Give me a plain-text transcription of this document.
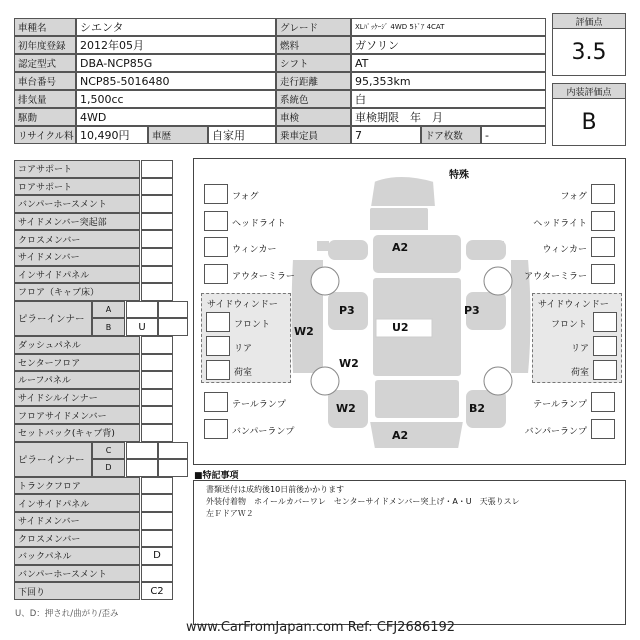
車種名	シエンタ	グレード	XLﾊﾟｯｹｰｼﾞ 4WD 5ﾄﾞｱ 4CAT
初年度登録	2012年05月	燃料	ガソリン
認定型式	DBA-NCP85G	シフト	AT
車台番号	NCP85-5016480	走行距離	95,353km
排気量	1,500cc	系統色	白
駆動	4WD	車検	車検期限　年　月
リサイクル料 10,490円	車歴	自家用	乗車定員	7	ドア枚数	-
評価点
3.5
内装評価点
B
コアサポート
ロアサポート
バンパーホースメント
サイドメンバー突起部
クロスメンバー
サイドメンバー
インサイドパネル
フロア（キャブ床）
ピラーインナー
A
B	U
ダッシュパネル
センターフロア
ルーフパネル
サイドシルインナー
フロアサイドメンバー
セットバック(キャブ背)
ピラーインナー
C
D
トランクフロア
インサイドパネル
サイドメンバー
クロスメンバー
バックパネル	D
バンパーホースメント
下回り	C2
U、D：押され/曲がり/歪み
特殊
フォグ
ヘッドライト
ウィンカー
アウターミラー
フォグ
ヘッドライト
ウィンカー
アウターミラー
サイドウィンドー
フロント
リア
荷室
サイドウィンドー
フロント
リア
荷室
テールランプ
バンパーランプ
テールランプ
バンパーランプ
A2
P3	P3
U2
W2
W2
W2	B2
A2
■特記事項
書類送付は成約後10日前後かかります
外装付着物　ホイールカバーワレ　センターサイドメンバー突上げ・A・U　天張りスレ
左ＦドアＷ２
www.CarFromJapan.com Ref: CFJ2686192
